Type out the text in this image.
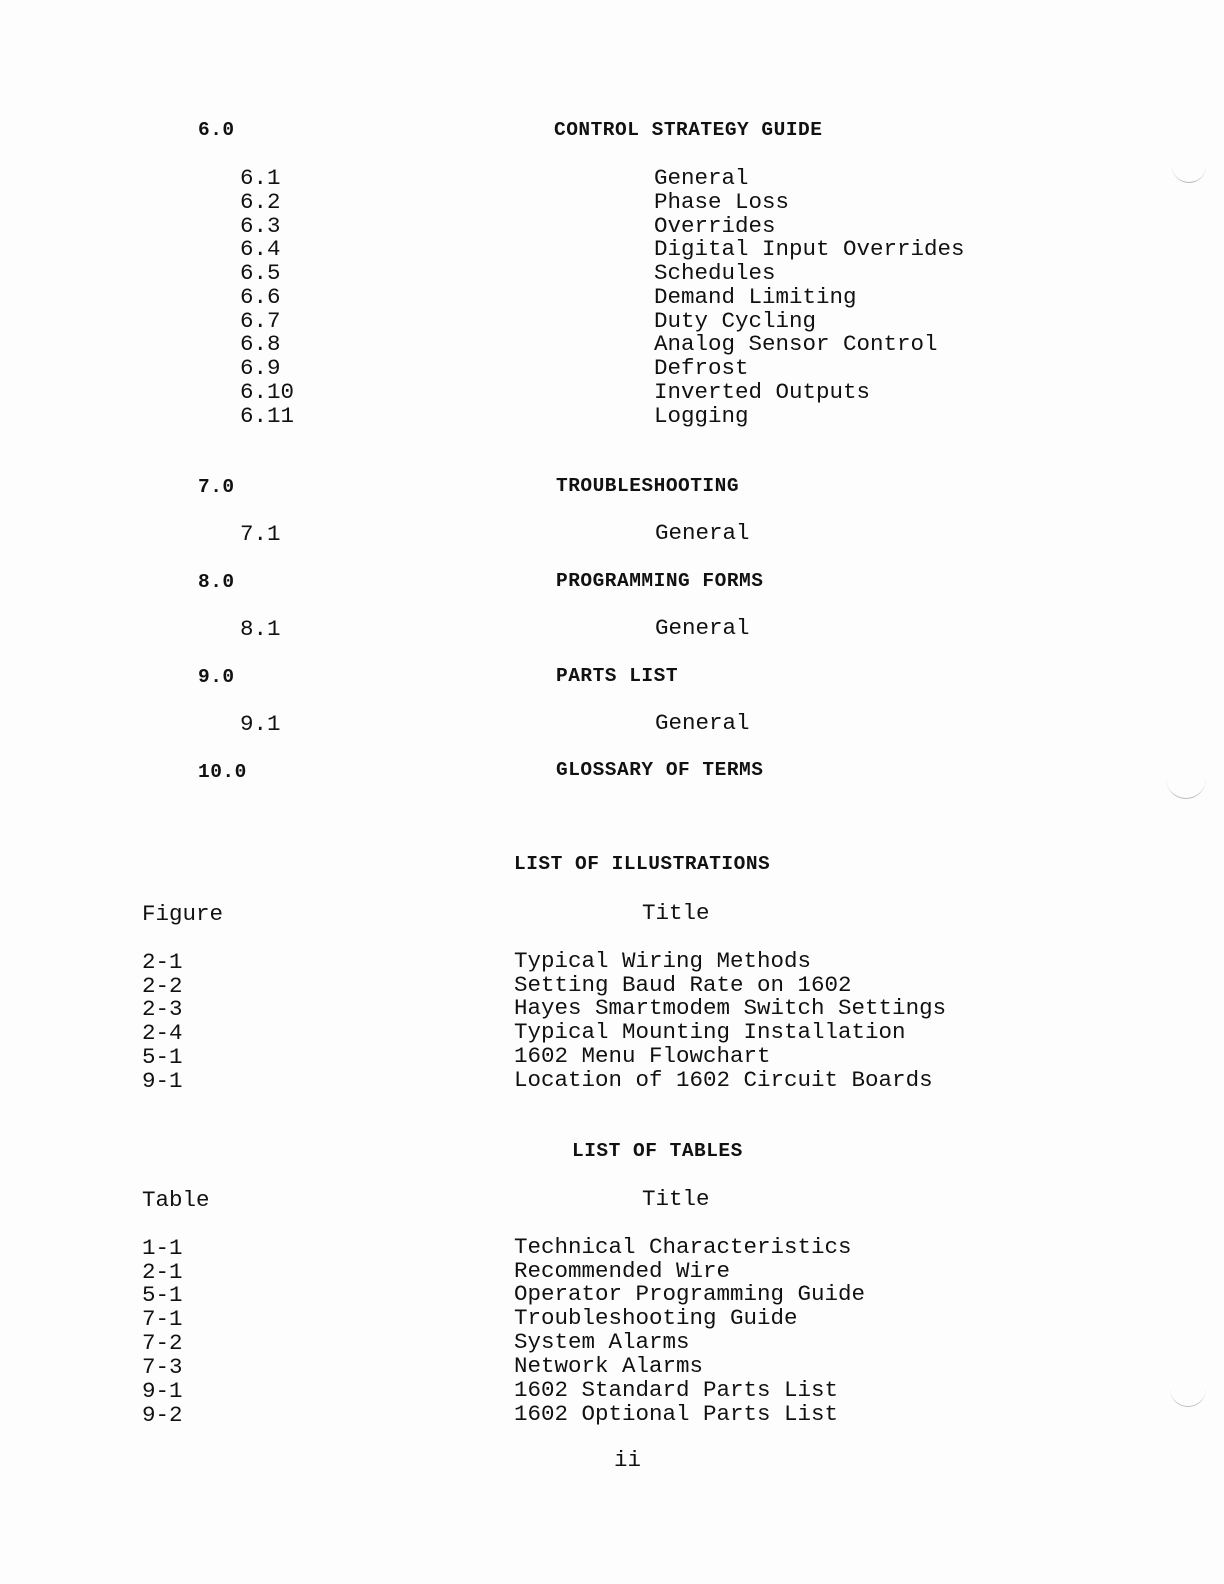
6.0	CONTROL STRATEGY GUIDE
6.1	General
6.2	Phase Loss
6.3	Overrides
6.4	Digital Input Overrides
6.5	Schedules
6.6	Demand Limiting
6.7	Duty Cycling
6.8	Analog Sensor Control
6.9	Defrost
6.10	Inverted Outputs
6.11	Logging
7.0	TROUBLESHOOTING
7.1	General
8.0	PROGRAMMING FORMS
8.1	General
9.0	PARTS LIST
9.1	General
10.0	GLOSSARY OF TERMS
LIST OF ILLUSTRATIONS
Figure	Title
2-1	Typical Wiring Methods
2-2	Setting Baud Rate on 1602
2-3	Hayes Smartmodem Switch Settings
2-4	Typical Mounting Installation
5-1	1602 Menu Flowchart
9-1	Location of 1602 Circuit Boards
LIST OF TABLES
Table	Title
1-1	Technical Characteristics
2-1	Recommended Wire
5-1	Operator Programming Guide
7-1	Troubleshooting Guide
7-2	System Alarms
7-3	Network Alarms
9-1	1602 Standard Parts List
9-2	1602 Optional Parts List
ii
